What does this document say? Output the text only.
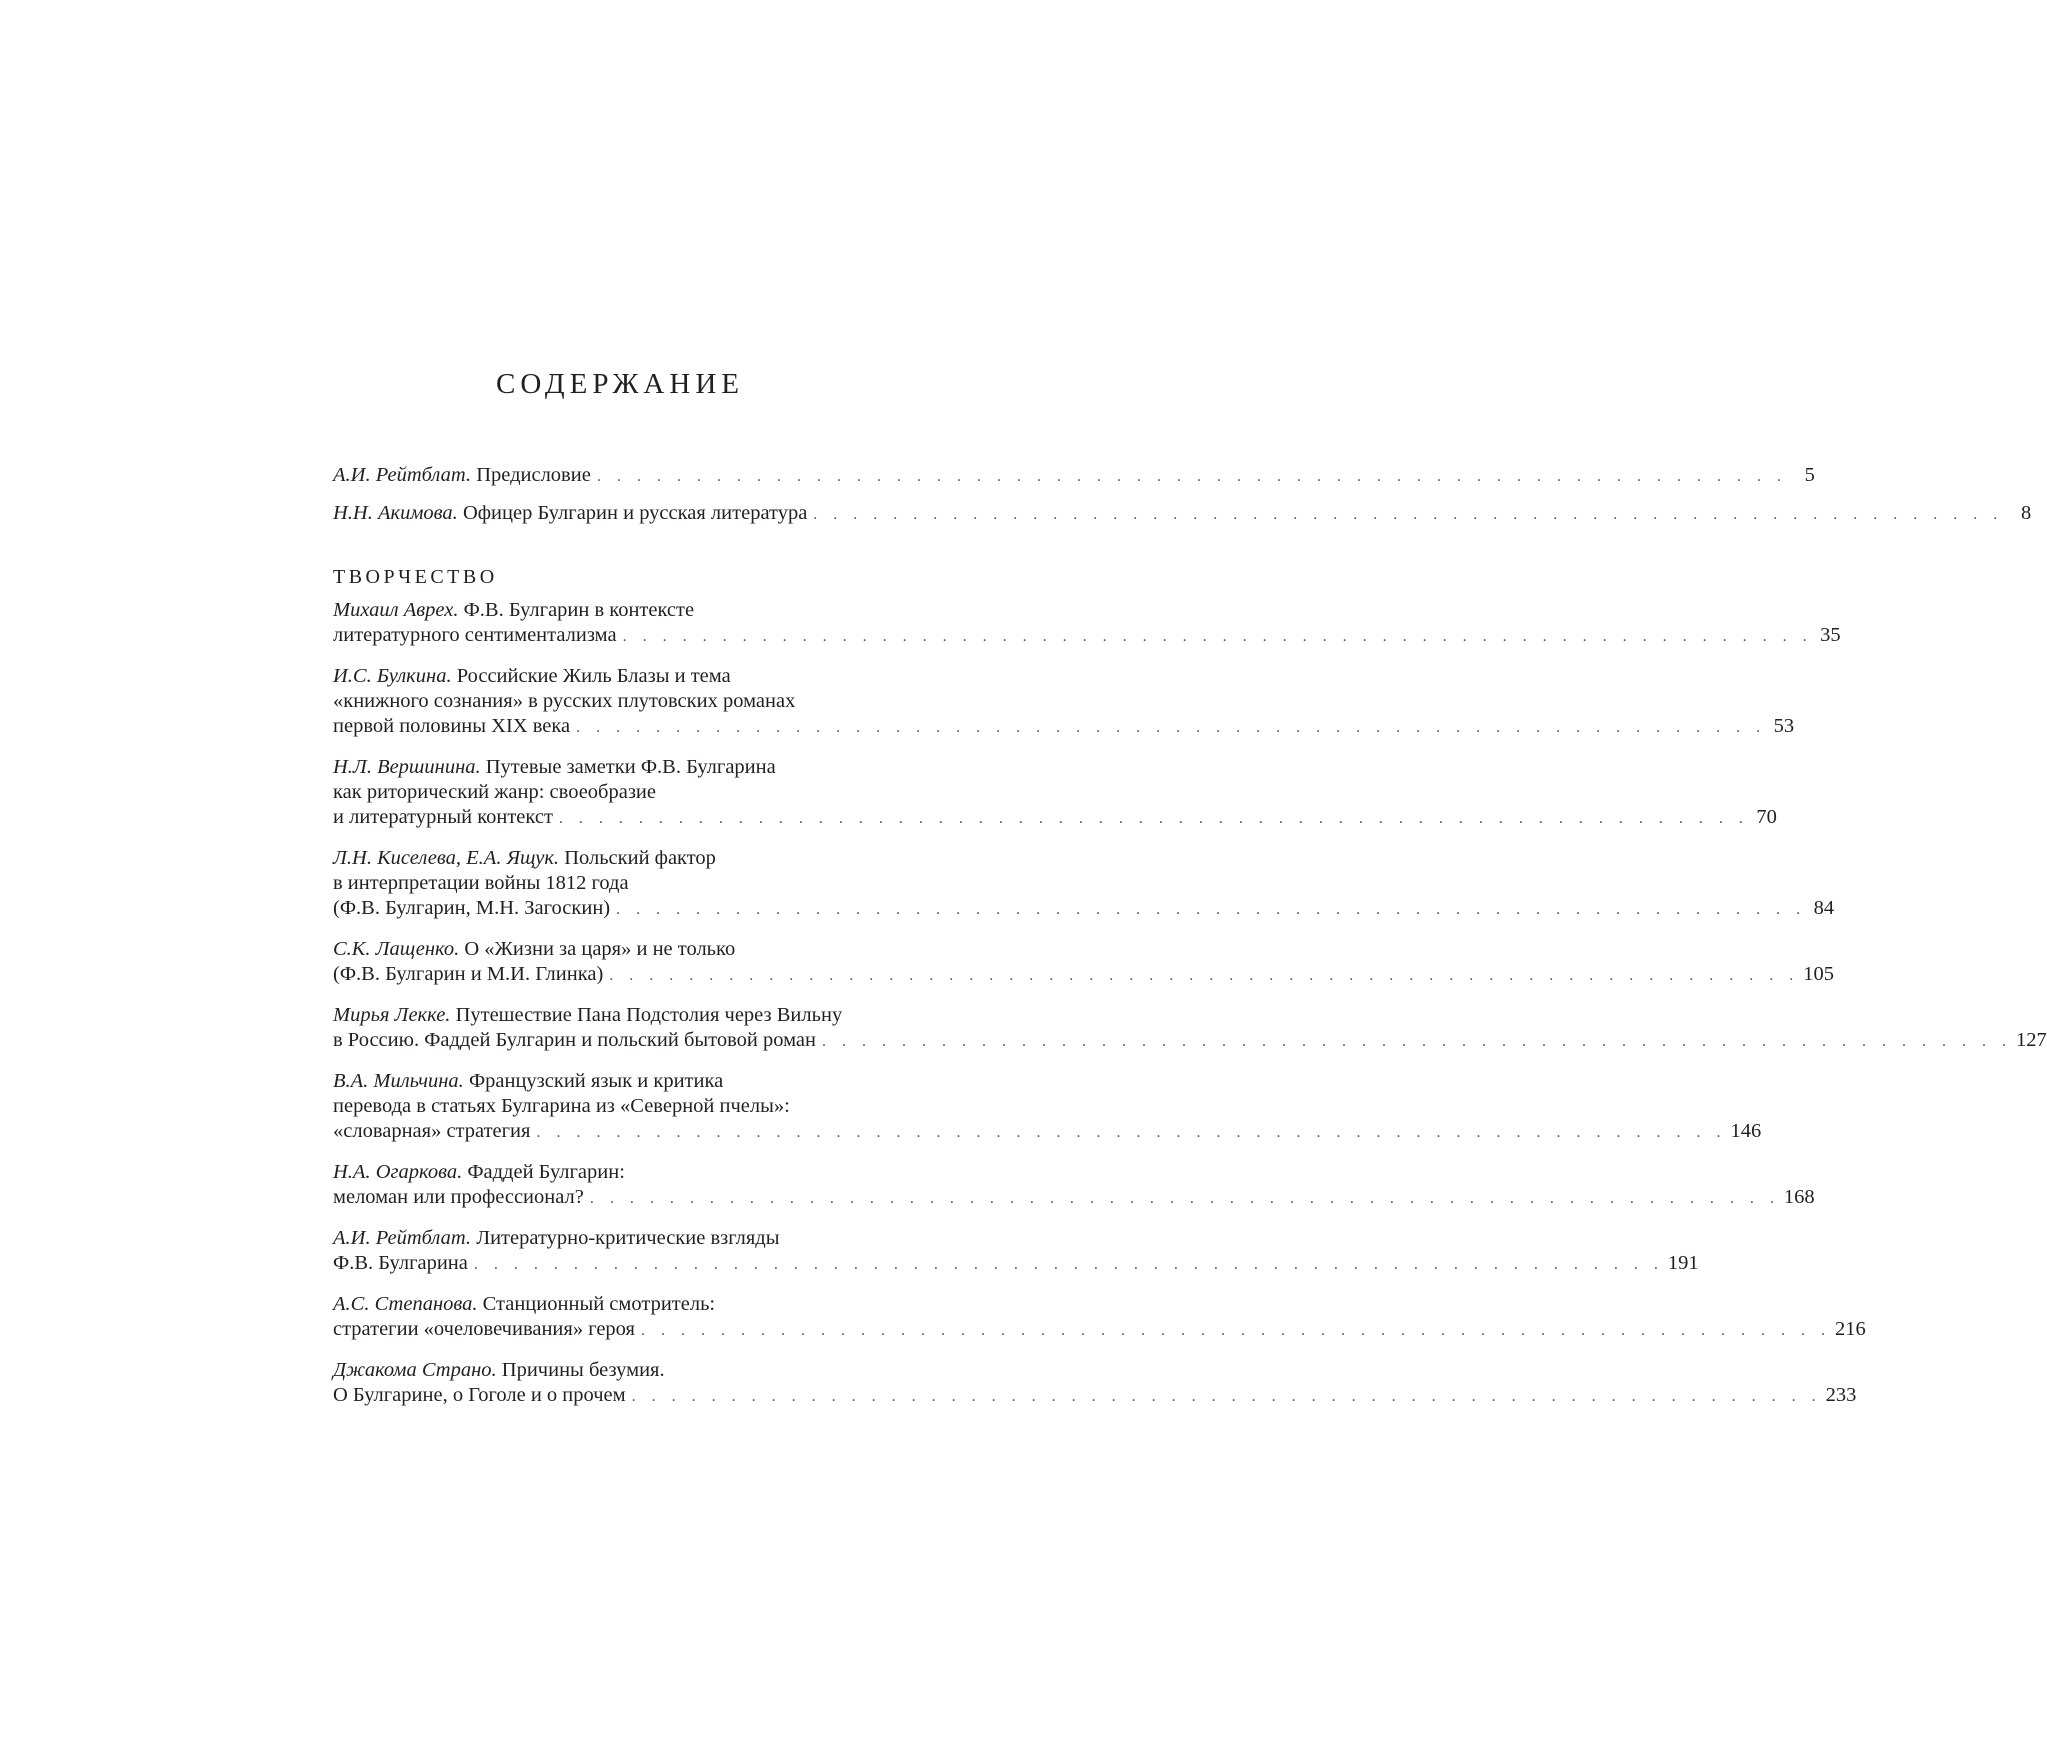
СОДЕРЖАНИЕ
А.И. Рейтблат. Предисловие . . . . . . . . . . . . . . . . . . . . . . . . . . . . . . . . . . . . . . . . . . . . . . . . . . . . . . . . . . . . 5
Н.Н. Акимова. Офицер Булгарин и русская литература . . . . . . . . . . . . . . . . . . . . . . . . . . . . . . . . . . . . . . . . . . . . . . . . . . . . . . . . . . . . 8
ТВОРЧЕСТВО
Михаил Аврех. Ф.В. Булгарин в контексте
литературного сентиментализма . . . . . . . . . . . . . . . . . . . . . . . . . . . . . . . . . . . . . . . . . . . . . . . . . . . . . . . . . . . . 35
И.С. Булкина. Российские Жиль Блазы и тема
«книжного сознания» в русских плутовских романах
первой половины XIX века . . . . . . . . . . . . . . . . . . . . . . . . . . . . . . . . . . . . . . . . . . . . . . . . . . . . . . . . . . . . 53
Н.Л. Вершинина. Путевые заметки Ф.В. Булгарина
как риторический жанр: своеобразие
и литературный контекст . . . . . . . . . . . . . . . . . . . . . . . . . . . . . . . . . . . . . . . . . . . . . . . . . . . . . . . . . . . . 70
Л.Н. Киселева, Е.А. Ящук. Польский фактор
в интерпретации войны 1812 года
(Ф.В. Булгарин, М.Н. Загоскин) . . . . . . . . . . . . . . . . . . . . . . . . . . . . . . . . . . . . . . . . . . . . . . . . . . . . . . . . . . . . 84
С.К. Лащенко. О «Жизни за царя» и не только
(Ф.В. Булгарин и М.И. Глинка) . . . . . . . . . . . . . . . . . . . . . . . . . . . . . . . . . . . . . . . . . . . . . . . . . . . . . . . . . . . . 105
Мирья Лекке. Путешествие Пана Подстолия через Вильну
в Россию. Фаддей Булгарин и польский бытовой роман . . . . . . . . . . . . . . . . . . . . . . . . . . . . . . . . . . . . . . . . . . . . . . . . . . . . . . . . . . . . 127
В.А. Мильчина. Французский язык и критика
перевода в статьях Булгарина из «Северной пчелы»:
«словарная» стратегия . . . . . . . . . . . . . . . . . . . . . . . . . . . . . . . . . . . . . . . . . . . . . . . . . . . . . . . . . . . . 146
Н.А. Огаркова. Фаддей Булгарин:
меломан или профессионал? . . . . . . . . . . . . . . . . . . . . . . . . . . . . . . . . . . . . . . . . . . . . . . . . . . . . . . . . . . . . 168
А.И. Рейтблат. Литературно-критические взгляды
Ф.В. Булгарина . . . . . . . . . . . . . . . . . . . . . . . . . . . . . . . . . . . . . . . . . . . . . . . . . . . . . . . . . . . . 191
А.С. Степанова. Станционный смотритель:
стратегии «очеловечивания» героя . . . . . . . . . . . . . . . . . . . . . . . . . . . . . . . . . . . . . . . . . . . . . . . . . . . . . . . . . . . . 216
Джакома Страно. Причины безумия.
О Булгарине, о Гоголе и о прочем . . . . . . . . . . . . . . . . . . . . . . . . . . . . . . . . . . . . . . . . . . . . . . . . . . . . . . . . . . . . 233
